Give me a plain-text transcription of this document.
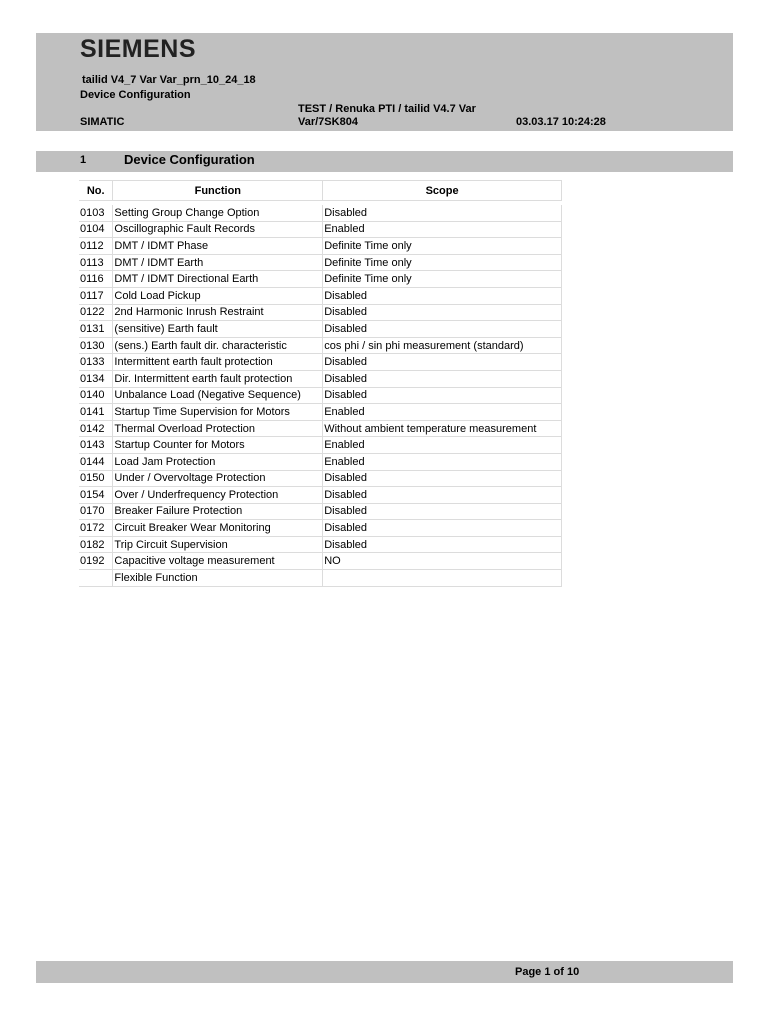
SIEMENS
tailid V4_7 Var Var_prn_10_24_18
Device Configuration
TEST / Renuka PTI / tailid V4.7 Var
Var/7SK804
SIMATIC	03.03.17 10:24:28
1	Device Configuration
No.	Function	Scope

0103	Setting Group Change Option	Disabled
0104	Oscillographic Fault Records	Enabled
0112	DMT / IDMT Phase	Definite Time only
0113	DMT / IDMT Earth	Definite Time only
0116	DMT / IDMT Directional Earth	Definite Time only
0117	Cold Load Pickup	Disabled
0122	2nd Harmonic Inrush Restraint	Disabled
0131	(sensitive) Earth fault	Disabled
0130	(sens.) Earth fault dir. characteristic	cos phi / sin phi measurement (standard)
0133	Intermittent earth fault protection	Disabled
0134	Dir. Intermittent earth fault protection	Disabled
0140	Unbalance Load (Negative Sequence)	Disabled
0141	Startup Time Supervision for Motors	Enabled
0142	Thermal Overload Protection	Without ambient temperature measurement
0143	Startup Counter for Motors	Enabled
0144	Load Jam Protection	Enabled
0150	Under / Overvoltage Protection	Disabled
0154	Over / Underfrequency Protection	Disabled
0170	Breaker Failure Protection	Disabled
0172	Circuit Breaker Wear Monitoring	Disabled
0182	Trip Circuit Supervision	Disabled
0192	Capacitive voltage measurement	NO
	Flexible Function	
Page 1 of 10
